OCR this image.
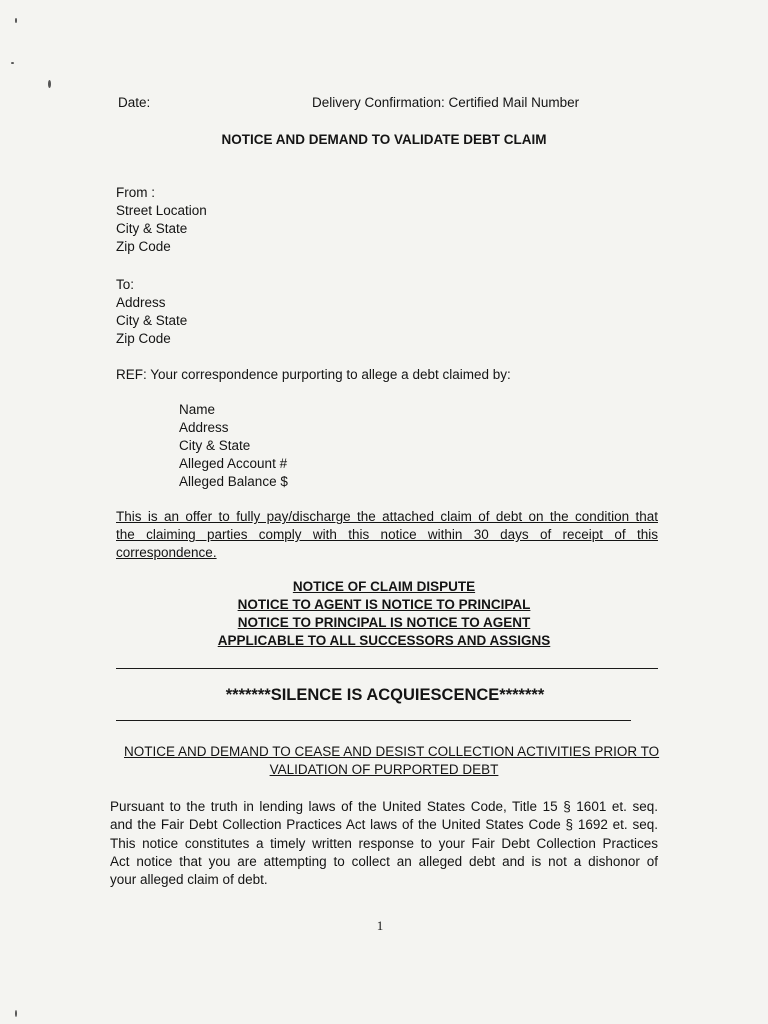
Date:	Delivery Confirmation: Certified Mail Number
NOTICE AND DEMAND TO VALIDATE DEBT CLAIM
From :
Street Location
City & State
Zip Code
To:
Address
City & State
Zip Code
REF: Your correspondence purporting to allege a debt claimed by:
Name
Address
City & State
Alleged Account #
Alleged Balance $
This is an offer to fully pay/discharge the attached claim of debt on the condition that
the claiming parties comply with this notice within 30 days of receipt of this
correspondence.
NOTICE OF CLAIM DISPUTE
NOTICE TO AGENT IS NOTICE TO PRINCIPAL
NOTICE TO PRINCIPAL IS NOTICE TO AGENT
APPLICABLE TO ALL SUCCESSORS AND ASSIGNS
*******SILENCE IS ACQUIESCENCE*******
NOTICE AND DEMAND TO CEASE AND DESIST COLLECTION ACTIVITIES PRIOR TO
VALIDATION OF PURPORTED DEBT
Pursuant to the truth in lending laws of the United States Code, Title 15 § 1601 et. seq.
and the Fair Debt Collection Practices Act laws of the United States Code § 1692 et. seq.
This notice constitutes a timely written response to your Fair Debt Collection Practices
Act notice that you are attempting to collect an alleged debt and is not a dishonor of
your alleged claim of debt.
1
